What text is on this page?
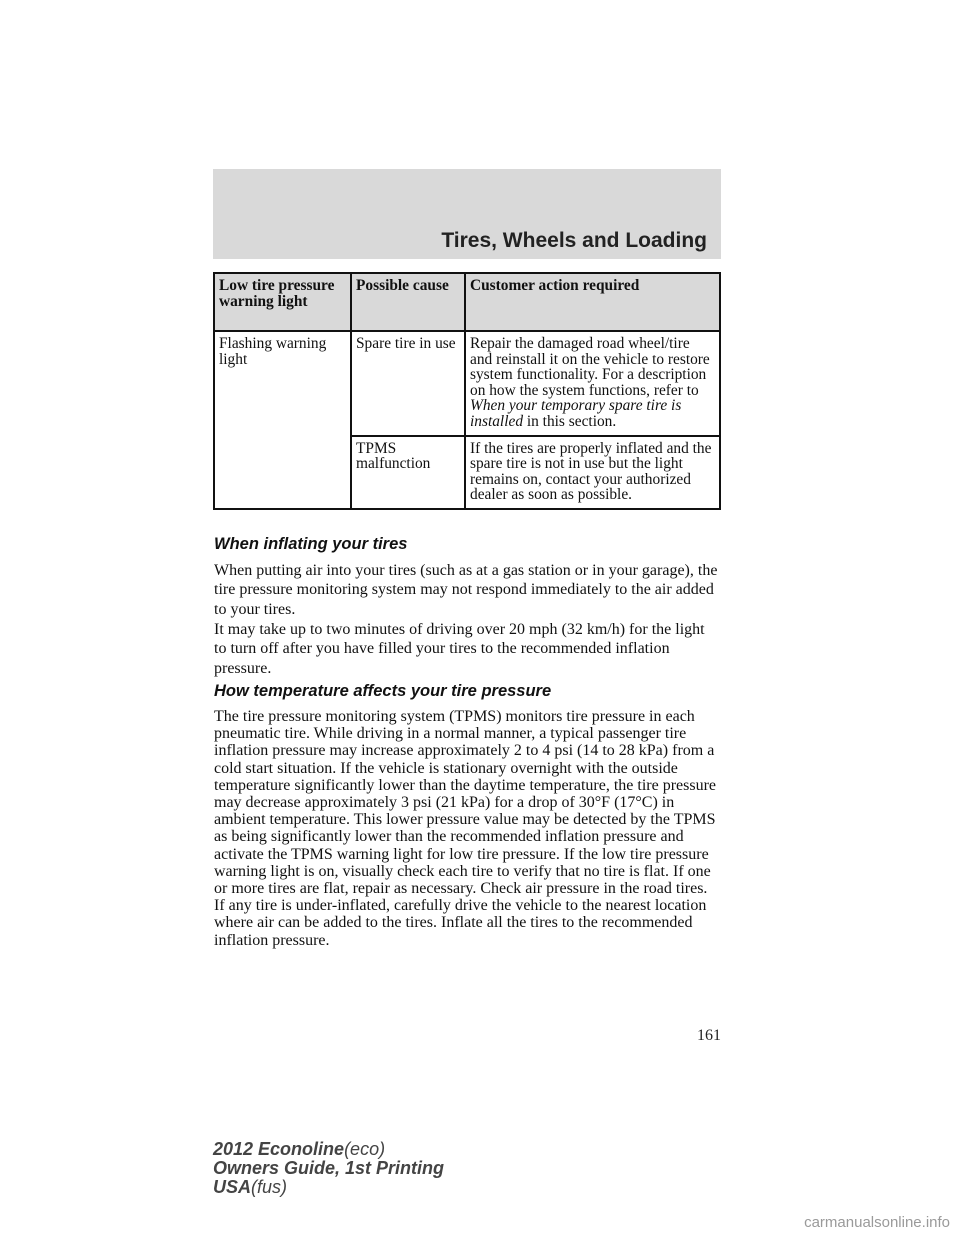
Tires, Wheels and Loading
Low tire pressure warning light	Possible cause	Customer action required
Flashing warning light	Spare tire in use	Repair the damaged road wheel/tire and reinstall it on the vehicle to restore system functionality. For a description on how the system functions, refer to When your temporary spare tire is installed in this section.
	TPMS malfunction	If the tires are properly inflated and the spare tire is not in use but the light remains on, contact your authorized dealer as soon as possible.
When inflating your tires

When putting air into your tires (such as at a gas station or in your garage), the tire pressure monitoring system may not respond immediately to the air added to your tires.

It may take up to two minutes of driving over 20 mph (32 km/h) for the light to turn off after you have filled your tires to the recommended inflation pressure.

How temperature affects your tire pressure

The tire pressure monitoring system (TPMS) monitors tire pressure in each pneumatic tire. While driving in a normal manner, a typical passenger tire inflation pressure may increase approximately 2 to 4 psi (14 to 28 kPa) from a cold start situation. If the vehicle is stationary overnight with the outside temperature significantly lower than the daytime temperature, the tire pressure may decrease approximately 3 psi (21 kPa) for a drop of 30°F (17°C) in ambient temperature. This lower pressure value may be detected by the TPMS as being significantly lower than the recommended inflation pressure and activate the TPMS warning light for low tire pressure. If the low tire pressure warning light is on, visually check each tire to verify that no tire is flat. If one or more tires are flat, repair as necessary. Check air pressure in the road tires. If any tire is under-inflated, carefully drive the vehicle to the nearest location where air can be added to the tires. Inflate all the tires to the recommended inflation pressure.

161
2012 Econoline(eco)
Owners Guide, 1st Printing
USA(fus)
carmanualsonline.info
